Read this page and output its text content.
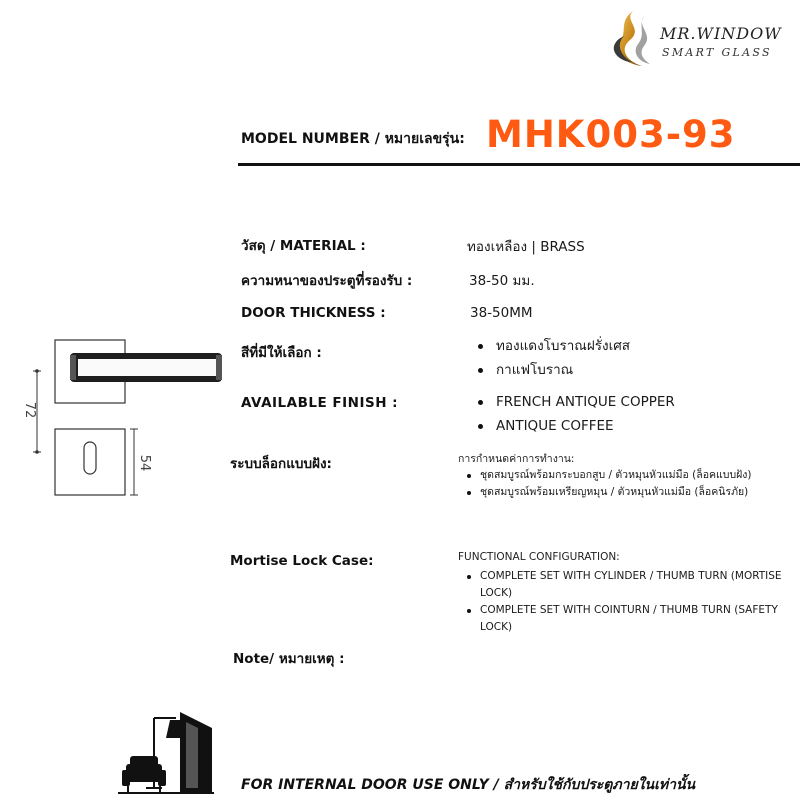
MR.WINDOW
SMART GLASS
MODEL NUMBER / หมายเลขรุ่น: MHK003-93
วัสดุ / MATERIAL :	ทองเหลือง | BRASS
ความหนาของประตูที่รองรับ :	38-50 มม.
DOOR THICKNESS :	38-50MM
สีที่มีให้เลือก :	ทองแดงโบราณฝรั่งเศส
กาแฟโบราณ
AVAILABLE FINISH :	FRENCH ANTIQUE COPPER
ANTIQUE COFFEE
ระบบล็อกแบบฝัง:	การกำหนดค่าการทำงาน:
ชุดสมบูรณ์พร้อมกระบอกสูบ / ตัวหมุนหัวแม่มือ (ล็อคแบบฝัง)
ชุดสมบูรณ์พร้อมเหรียญหมุน / ตัวหมุนหัวแม่มือ (ล็อคนิรภัย)
Mortise Lock Case:	FUNCTIONAL CONFIGURATION:
COMPLETE SET WITH CYLINDER / THUMB TURN (MORTISE LOCK)
COMPLETE SET WITH COINTURN / THUMB TURN (SAFETY LOCK)
Note/ หมายเหตุ :
72
54
FOR INTERNAL DOOR USE ONLY / สำหรับใช้กับประตูภายในเท่านั้น
